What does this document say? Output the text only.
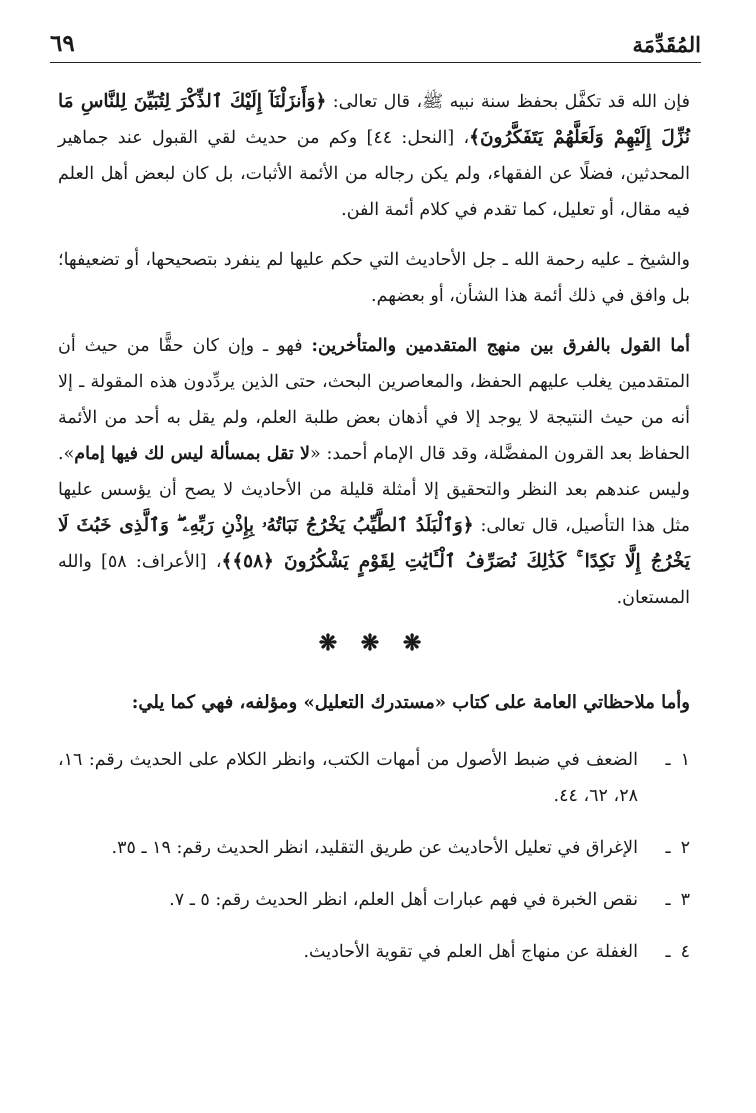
المُقَدِّمَة
٦٩

فإن الله قد تكفَّل بحفظ سنة نبيه ﷺ، قال تعالى: ﴿وَأَنزَلْنَآ إِلَيْكَ ٱلذِّكْرَ لِتُبَيِّنَ لِلنَّاسِ مَا نُزِّلَ إِلَيْهِمْ وَلَعَلَّهُمْ يَتَفَكَّرُونَ﴾، [النحل: ٤٤] وكم من حديث لقي القبول عند جماهير المحدثين، فضلًا عن الفقهاء، ولم يكن رجاله من الأئمة الأثبات، بل كان لبعض أهل العلم فيه مقال، أو تعليل، كما تقدم في كلام أئمة الفن.

والشيخ ـ عليه رحمة الله ـ جل الأحاديث التي حكم عليها لم ينفرد بتصحيحها، أو تضعيفها؛ بل وافق في ذلك أئمة هذا الشأن، أو بعضهم.

أما القول بالفرق بين منهج المتقدمين والمتأخرين: فهو ـ وإن كان حقًّا من حيث أن المتقدمين يغلب عليهم الحفظ، والمعاصرين البحث، حتى الذين يردِّدون هذه المقولة ـ إلا أنه من حيث النتيجة لا يوجد إلا في أذهان بعض طلبة العلم، ولم يقل به أحد من الأئمة الحفاظ بعد القرون المفضَّلة، وقد قال الإمام أحمد: «لا تقل بمسألة ليس لك فيها إمام». وليس عندهم بعد النظر والتحقيق إلا أمثلة قليلة من الأحاديث لا يصح أن يؤسس عليها مثل هذا التأصيل، قال تعالى: ﴿وَٱلْبَلَدُ ٱلطَّيِّبُ يَخْرُجُ نَبَاتُهُۥ بِإِذْنِ رَبِّهِۦ ۖ وَٱلَّذِى خَبُثَ لَا يَخْرُجُ إِلَّا نَكِدًا ۚ كَذَٰلِكَ نُصَرِّفُ ٱلْـَٔايَٰتِ لِقَوْمٍ يَشْكُرُونَ ﴿٥٨﴾﴾، [الأعراف: ٥٨] والله المستعان.

❋ ❋ ❋
وأما ملاحظاتي العامة على كتاب «مستدرك التعليل» ومؤلفه، فهي كما يلي:
١ـ
الضعف في ضبط الأصول من أمهات الكتب، وانظر الكلام على الحديث رقم: ١٦، ٢٨، ٦٢، ٤٤.
٢ـ
الإغراق في تعليل الأحاديث عن طريق التقليد، انظر الحديث رقم: ١٩ ـ ٣٥.
٣ـ
نقص الخبرة في فهم عبارات أهل العلم، انظر الحديث رقم: ٥ ـ ٧.
٤ـ
الغفلة عن منهاج أهل العلم في تقوية الأحاديث.
